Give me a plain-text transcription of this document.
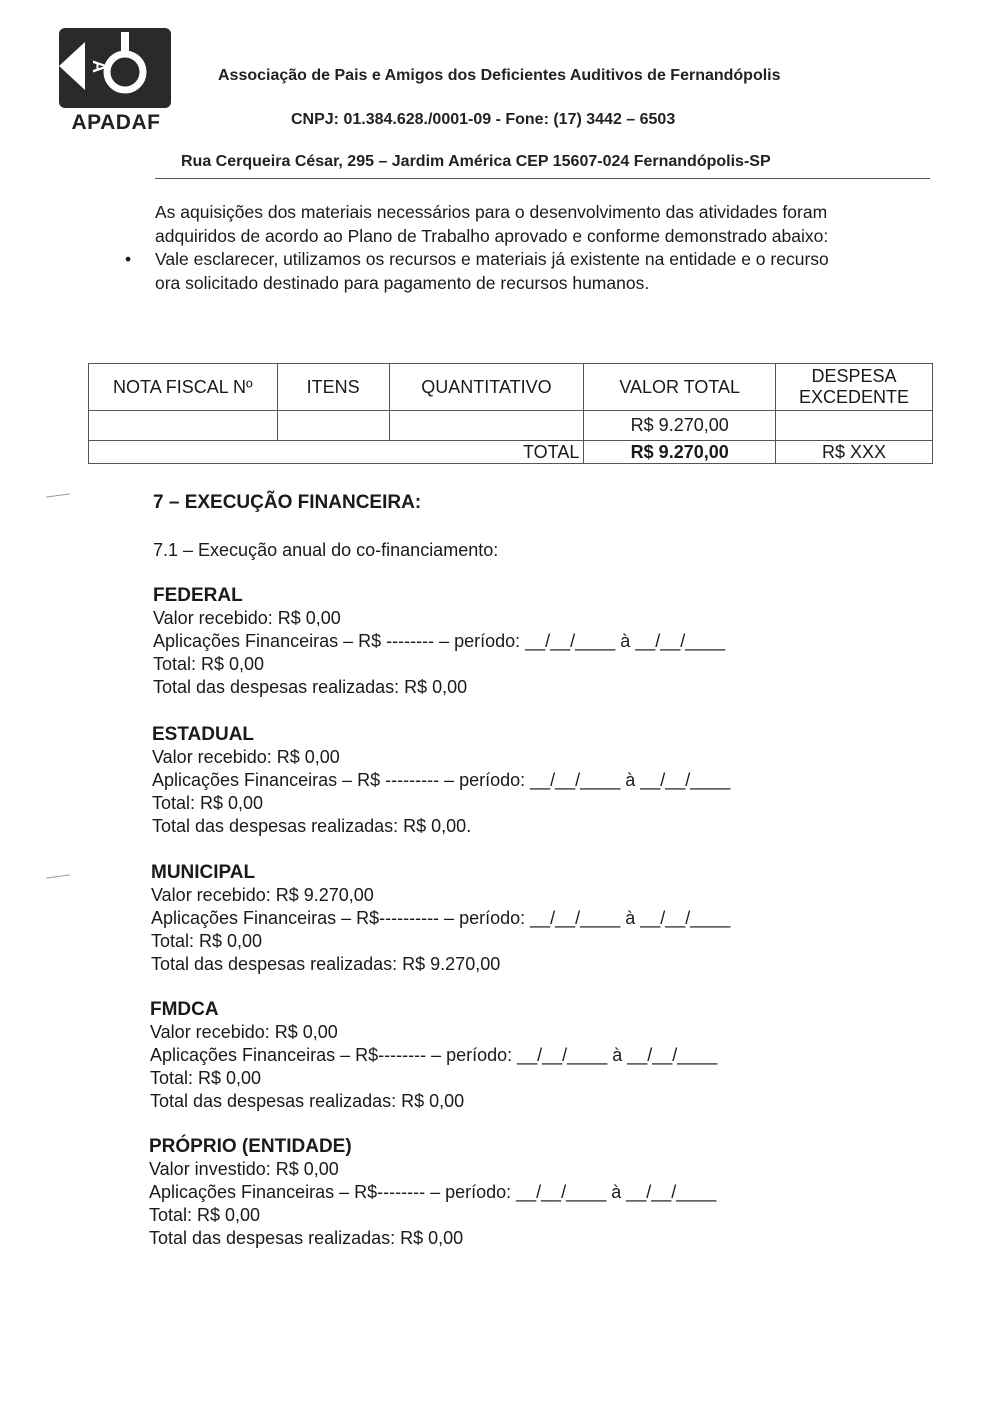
A
APADAF
Associação de Pais e Amigos dos Deficientes Auditivos de Fernandópolis
CNPJ: 01.384.628./0001-09 - Fone: (17) 3442 – 6503
Rua Cerqueira César, 295 – Jardim América CEP 15607-024 Fernandópolis-SP

As aquisições dos materiais necessários para o desenvolvimento das atividades foram adquiridos de acordo ao Plano de Trabalho aprovado e conforme demonstrado abaixo:

• Vale esclarecer, utilizamos os recursos e materiais já existente na entidade e o recurso ora solicitado destinado para pagamento de recursos humanos.

NOTA FISCAL Nº	ITENS	QUANTITATIVO	VALOR TOTAL	DESPESA EXCEDENTE
			R$ 9.270,00	
TOTAL			R$ 9.270,00	R$ XXX
7 – EXECUÇÃO FINANCEIRA:
7.1 – Execução anual do co-financiamento:
FEDERAL
Valor recebido: R$ 0,00
Aplicações Financeiras – R$ -------- – período: __/__/____ à __/__/____
Total: R$ 0,00
Total das despesas realizadas: R$ 0,00
ESTADUAL
Valor recebido: R$ 0,00
Aplicações Financeiras – R$ --------- – período: __/__/____ à __/__/____
Total: R$ 0,00
Total das despesas realizadas: R$ 0,00.
MUNICIPAL
Valor recebido: R$ 9.270,00
Aplicações Financeiras – R$---------- – período: __/__/____ à __/__/____
Total: R$ 0,00
Total das despesas realizadas: R$ 9.270,00
FMDCA
Valor recebido: R$ 0,00
Aplicações Financeiras – R$-------- – período: __/__/____ à __/__/____
Total: R$ 0,00
Total das despesas realizadas: R$ 0,00
PRÓPRIO (ENTIDADE)
Valor investido: R$ 0,00
Aplicações Financeiras – R$-------- – período: __/__/____ à __/__/____
Total: R$ 0,00
Total das despesas realizadas: R$ 0,00
